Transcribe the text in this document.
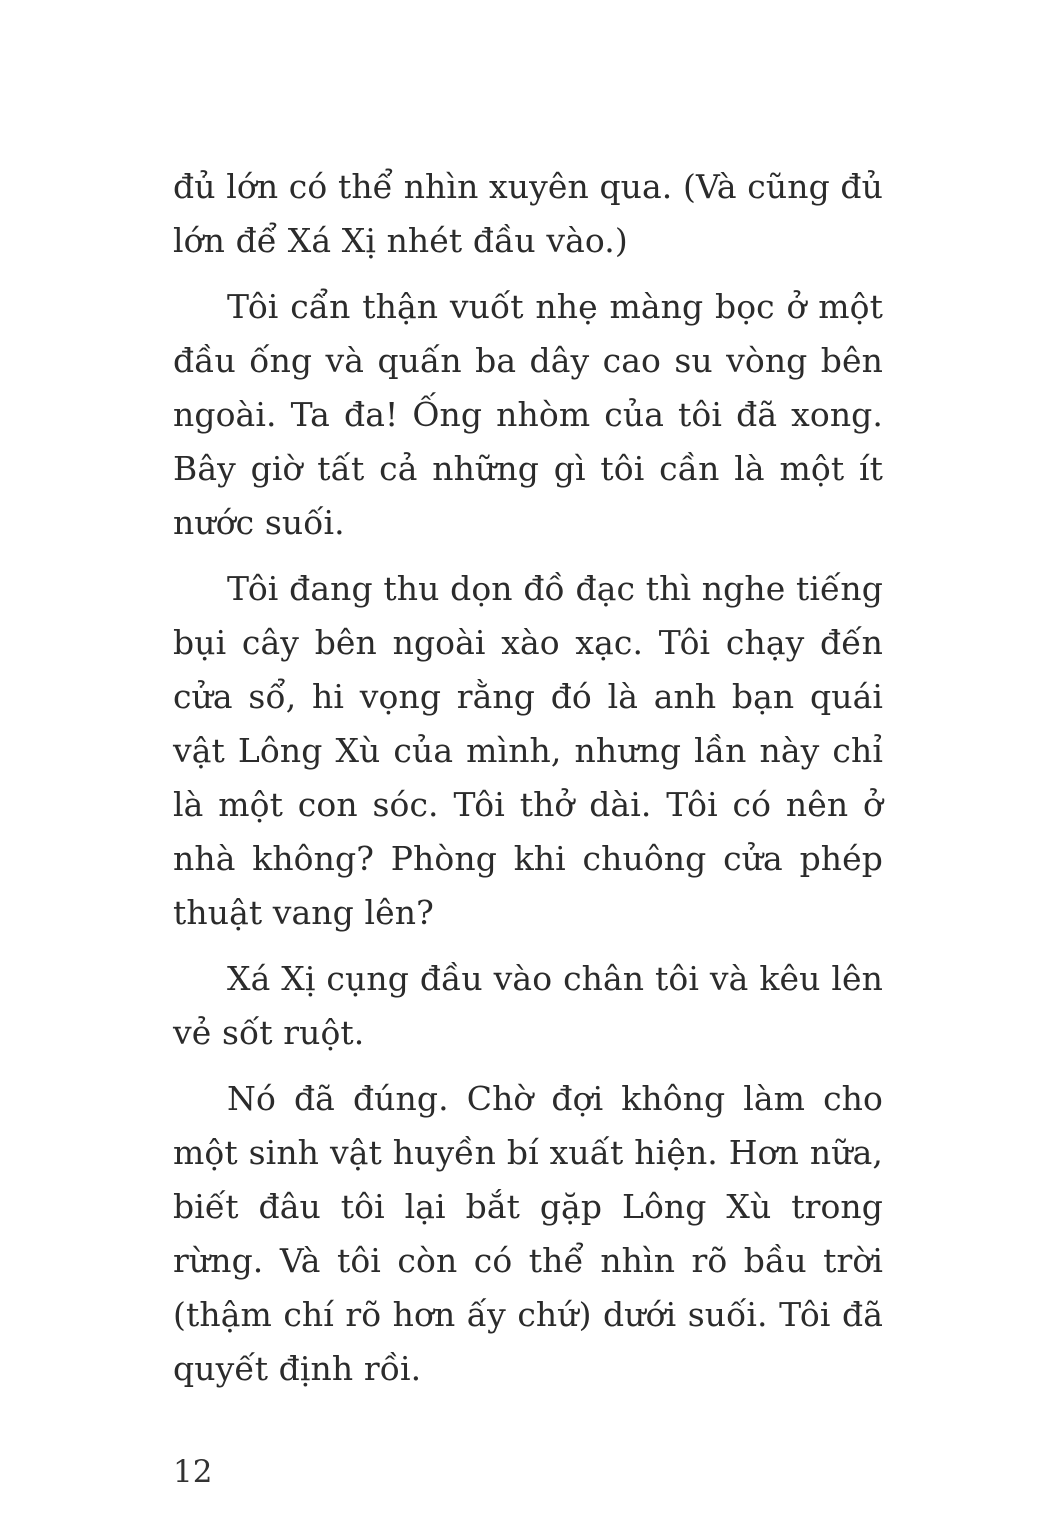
đủ lớn có thể nhìn xuyên qua. (Và cũng đủ lớn để Xá Xị nhét đầu vào.)

Tôi cẩn thận vuốt nhẹ màng bọc ở một đầu ống và quấn ba dây cao su vòng bên ngoài. Ta đa! Ống nhòm của tôi đã xong. Bây giờ tất cả những gì tôi cần là một ít nước suối.

Tôi đang thu dọn đồ đạc thì nghe tiếng bụi cây bên ngoài xào xạc. Tôi chạy đến cửa sổ, hi vọng rằng đó là anh bạn quái vật Lông Xù của mình, nhưng lần này chỉ là một con sóc. Tôi thở dài. Tôi có nên ở nhà không? Phòng khi chuông cửa phép thuật vang lên?

Xá Xị cụng đầu vào chân tôi và kêu lên vẻ sốt ruột.

Nó đã đúng. Chờ đợi không làm cho một sinh vật huyền bí xuất hiện. Hơn nữa, biết đâu tôi lại bắt gặp Lông Xù trong rừng. Và tôi còn có thể nhìn rõ bầu trời (thậm chí rõ hơn ấy chứ) dưới suối. Tôi đã quyết định rồi.

12
